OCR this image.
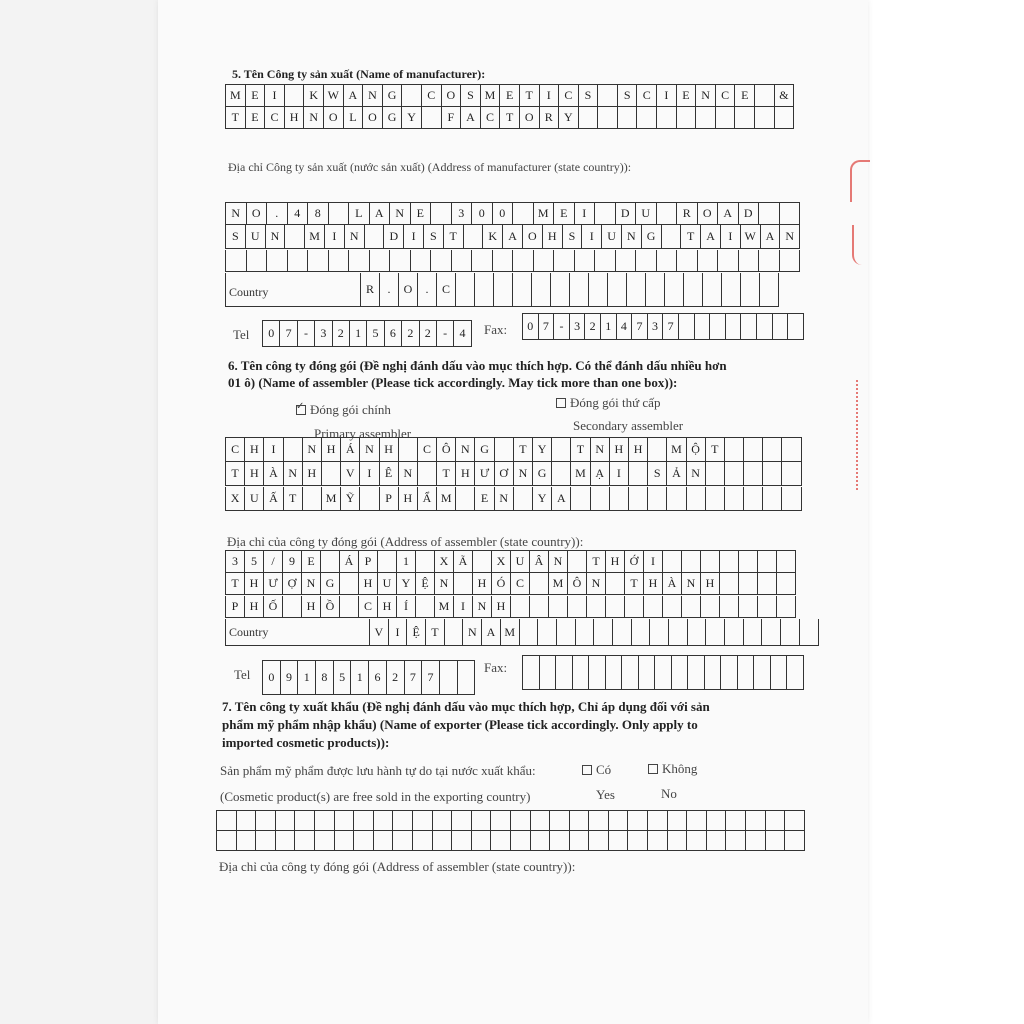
5. Tên Công ty sản xuất (Name of manufacturer):
M E	I	K W A N G	C O S M E	T	I	C	S	S	C	I	E N C E	&
T	E C H N O L O G Y	F A C T O R Y
Địa chỉ Công ty sản xuất (nước sản xuất) (Address of manufacturer (state country)):
N O	.	4	8	L	A N	E	3	0	0	M E	I	D U	R	O A D
S	U N	M	I	N	D	I	S	T	K A O H	S	I	U N G	T A	I	W A N
Country	R	.	O	.	C
Tel	0 7	-	3 2 1 5 6 2 2	-	4	Fax:	0 7 - 3 2 1 4 7 3 7
6. Tên công ty đóng gói (Đề nghị đánh dấu vào mục thích hợp. Có thể đánh dấu nhiều hơn
01 ô) (Name of assembler (Please tick accordingly. May tick more than one box)):
✓Đóng gói chính
Primary assembler
Đóng gói thứ cấp
Secondary assembler
C H	I	N H Á N H	C Ô N G	T Y	T N H H	M Ộ T
T H À N H	V	I	Ê N	T H Ư Ơ N G	M Ạ	I	S Ả N
X U Ấ T	M Ỹ	P H Ẩ M	E N	Y A
Địa chỉ của công ty đóng gói (Address of assembler (state country)):
3	5	/	9	E	Á P	1	X Ã	X U Â N	T H Ớ	I
T H Ư Ợ N G	H U Y Ệ N	H Ó C	M Ô N	T H À N H
P H Ố	H Ồ	C H	Í	M I	N H
Country	V	I	Ệ T	N A M
Tel	0 9 1 8 5 1 6 2 7 7
Fax:
7. Tên công ty xuất khẩu (Đề nghị đánh dấu vào mục thích hợp, Chỉ áp dụng đối với sản
phẩm mỹ phẩm nhập khẩu) (Name of exporter (Please tick accordingly. Only apply to
imported cosmetic products)):
Sản phẩm mỹ phẩm được lưu hành tự do tại nước xuất khẩu:	Có	Không
(Cosmetic product(s) are free sold in the exporting country)	Yes	No
Địa chỉ của công ty đóng gói (Address of assembler (state country)):
